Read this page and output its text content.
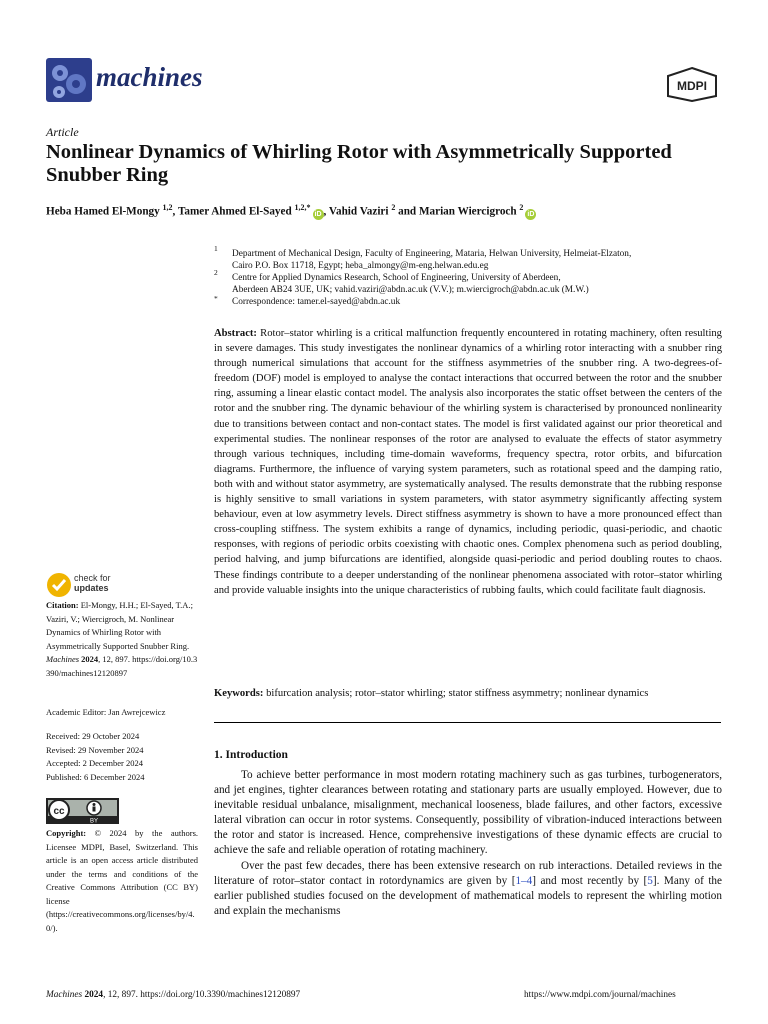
machines	MDPI
Article
Nonlinear Dynamics of Whirling Rotor with Asymmetrically Supported Snubber Ring
Heba Hamed El-Mongy $^{1,2}$, Tamer Ahmed El-Sayed $^{1,2,*}$iD , Vahid Vaziri $^2$ and Marian Wiercigroch $^2$iD
1
Department of Mechanical Design, Faculty of Engineering, Mataria, Helwan University, Helmeiat-Elzaton,
Cairo P.O. Box 11718, Egypt; heba_almongy@m-eng.helwan.edu.eg
2
Centre for Applied Dynamics Research, School of Engineering, University of Aberdeen,
Aberdeen AB24 3UE, UK; vahid.vaziri@abdn.ac.uk (V.V.); m.wiercigroch@abdn.ac.uk (M.W.)
* Correspondence: tamer.el-sayed@abdn.ac.uk
Abstract: Rotor–stator whirling is a critical malfunction frequently encountered in rotating machinery, often resulting in severe damages. This study investigates the nonlinear dynamics of a whirling rotor interacting with a snubber ring through numerical simulations that account for the stiffness asymmetries of the snubber ring. A two-degrees-of-freedom (DOF) model is employed to analyse the contact interactions that occurred between the rotor and the snubber ring, assuming a linear elastic contact model. The analysis also incorporates the static offset between the centers of the rotor and the snubber ring. The dynamic behaviour of the whirling system is characterised by pronounced nonlinearity due to transitions between contact and non-contact states. The model is first validated against our prior theoretical and experimental studies. The nonlinear responses of the rotor are analysed to evaluate the effects of stator asymmetry through various techniques, including time-domain waveforms, frequency spectra, rotor orbits, and bifurcation diagrams. Furthermore, the influence of varying system parameters, such as rotational speed and the damping ratio, both with and without stator asymmetry, are systematically analysed. The results demonstrate that the rubbing response is highly sensitive to small variations in system parameters, with stator asymmetry significantly affecting system behaviour, even at low asymmetry levels. Direct stiffness asymmetry is shown to have a more pronounced effect than cross-coupling stiffness. The system exhibits a range of dynamics, including periodic, quasi-periodic, and chaotic responses, with regions of periodic orbits coexisting with chaotic ones. Complex phenomena such as period doubling, period halving, and jump bifurcations are identified, alongside quasi-periodic and period doubling routes to chaos. These findings contribute to a deeper understanding of the nonlinear phenomena associated with rotor–stator whirling and provide valuable insights into the unique characteristics of rubbing faults, which could facilitate fault diagnosis.
Keywords: bifurcation analysis; rotor–stator whirling; stator stiffness asymmetry; nonlinear dynamics
check for
updates
Citation: El-Mongy, H.H.; El-Sayed, T.A.; Vaziri, V.; Wiercigroch, M. Nonlinear Dynamics of Whirling Rotor with Asymmetrically Supported Snubber Ring. Machines 2024, 12, 897. https://doi.org/10.3390/machines12120897
Academic Editor: Jan Awrejcewicz
Received: 29 October 2024
Revised: 29 November 2024
Accepted: 2 December 2024
Published: 6 December 2024
cc
BY
Copyright: © 2024 by the authors. Licensee MDPI, Basel, Switzerland. This article is an open access article distributed under the terms and conditions of the Creative Commons Attribution (CC BY) license (https://creativecommons.org/licenses/by/4.0/).
1. Introduction

To achieve better performance in most modern rotating machinery such as gas turbines, turbogenerators, and jet engines, tighter clearances between rotating and stationary parts are usually employed. However, due to inevitable residual unbalance, misalignment, mechanical looseness, blade failures, and other factors, excessive lateral vibration can occur in rotor systems. Consequently, possibility of vibration-induced interactions between the rotor and stator is increased. Hence, comprehensive investigations of these dynamic effects are crucial to achieve the safe and reliable operation of rotating machinery.

Over the past few decades, there has been extensive research on rub interactions. Detailed reviews in the literature of rotor–stator contact in rotordynamics are given by [1–4] and most recently by [5]. Many of the earlier published studies focused on the development of mathematical models to represent the whirling motion and explain the mechanisms

Machines 2024, 12, 897. https://doi.org/10.3390/machines12120897	https://www.mdpi.com/journal/machines
